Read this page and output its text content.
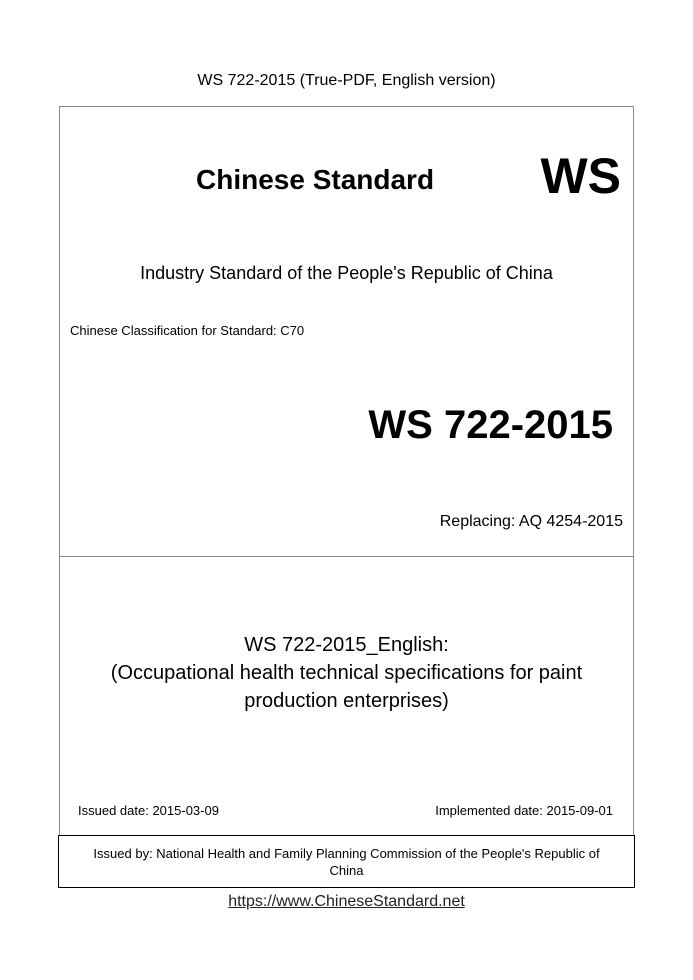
WS 722-2015 (True-PDF, English version)
Chinese Standard WS
Industry Standard of the People's Republic of China
Chinese Classification for Standard: C70
WS 722-2015
Replacing: AQ 4254-2015
WS 722-2015_English:
(Occupational health technical specifications for paint
production enterprises)
Issued date: 2015-03-09	Implemented date: 2015-09-01
Issued by: National Health and Family Planning Commission of the People's Republic of
China
https://www.ChineseStandard.net
